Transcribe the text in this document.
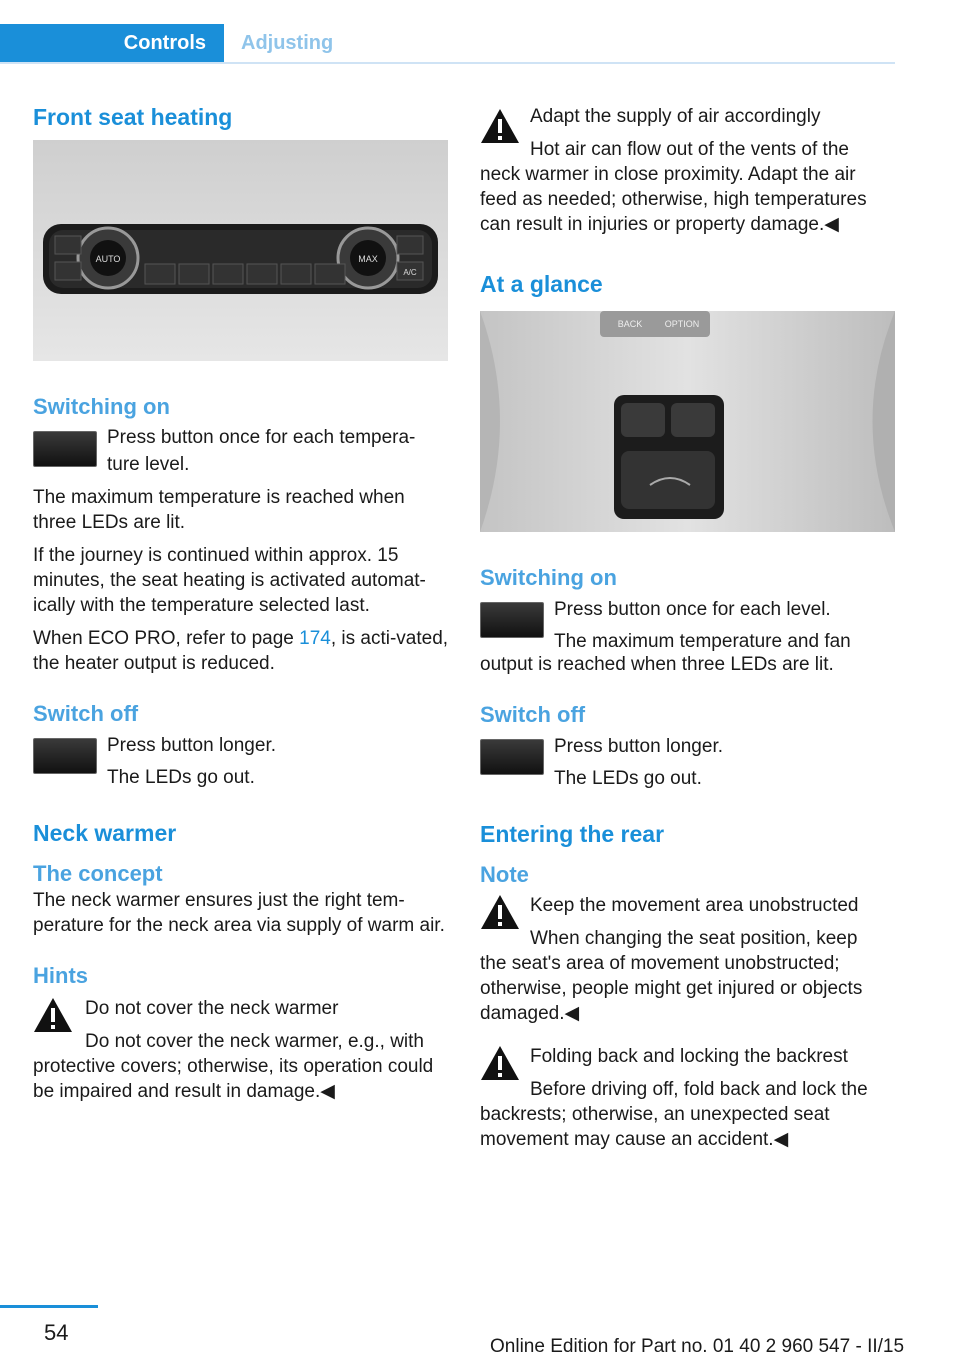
Controls	Adjusting
Front seat heating
AUTO	MAX
A/C
Switching on

Press button once for each tempera‐

ture level.

The maximum temperature is reached when three LEDs are lit.

If the journey is continued within approx. 15 minutes, the seat heating is activated automat‐ically with the temperature selected last.

When ECO PRO, refer to page 174, is acti‐vated, the heater output is reduced.

Switch off

Press button longer.

The LEDs go out.

Neck warmer
The concept

The neck warmer ensures just the right tem‐perature for the neck area via supply of warm air.

Hints

Do not cover the neck warmer

Do not cover the neck warmer, e.g., with

protective covers; otherwise, its operation could be impaired and result in damage.◀

Adapt the supply of air accordingly

Hot air can flow out of the vents of the

neck warmer in close proximity. Adapt the air feed as needed; otherwise, high temperatures can result in injuries or property damage.◀

At a glance
BACK OPTION
Switching on

Press button once for each level.

The maximum temperature and fan

output is reached when three LEDs are lit.

Switch off

Press button longer.

The LEDs go out.

Entering the rear
Note

Keep the movement area unobstructed

When changing the seat position, keep

the seat's area of movement unobstructed; otherwise, people might get injured or objects damaged.◀

Folding back and locking the backrest

Before driving off, fold back and lock the

backrests; otherwise, an unexpected seat movement may cause an accident.◀

54
Online Edition for Part no. 01 40 2 960 547 - II/15
